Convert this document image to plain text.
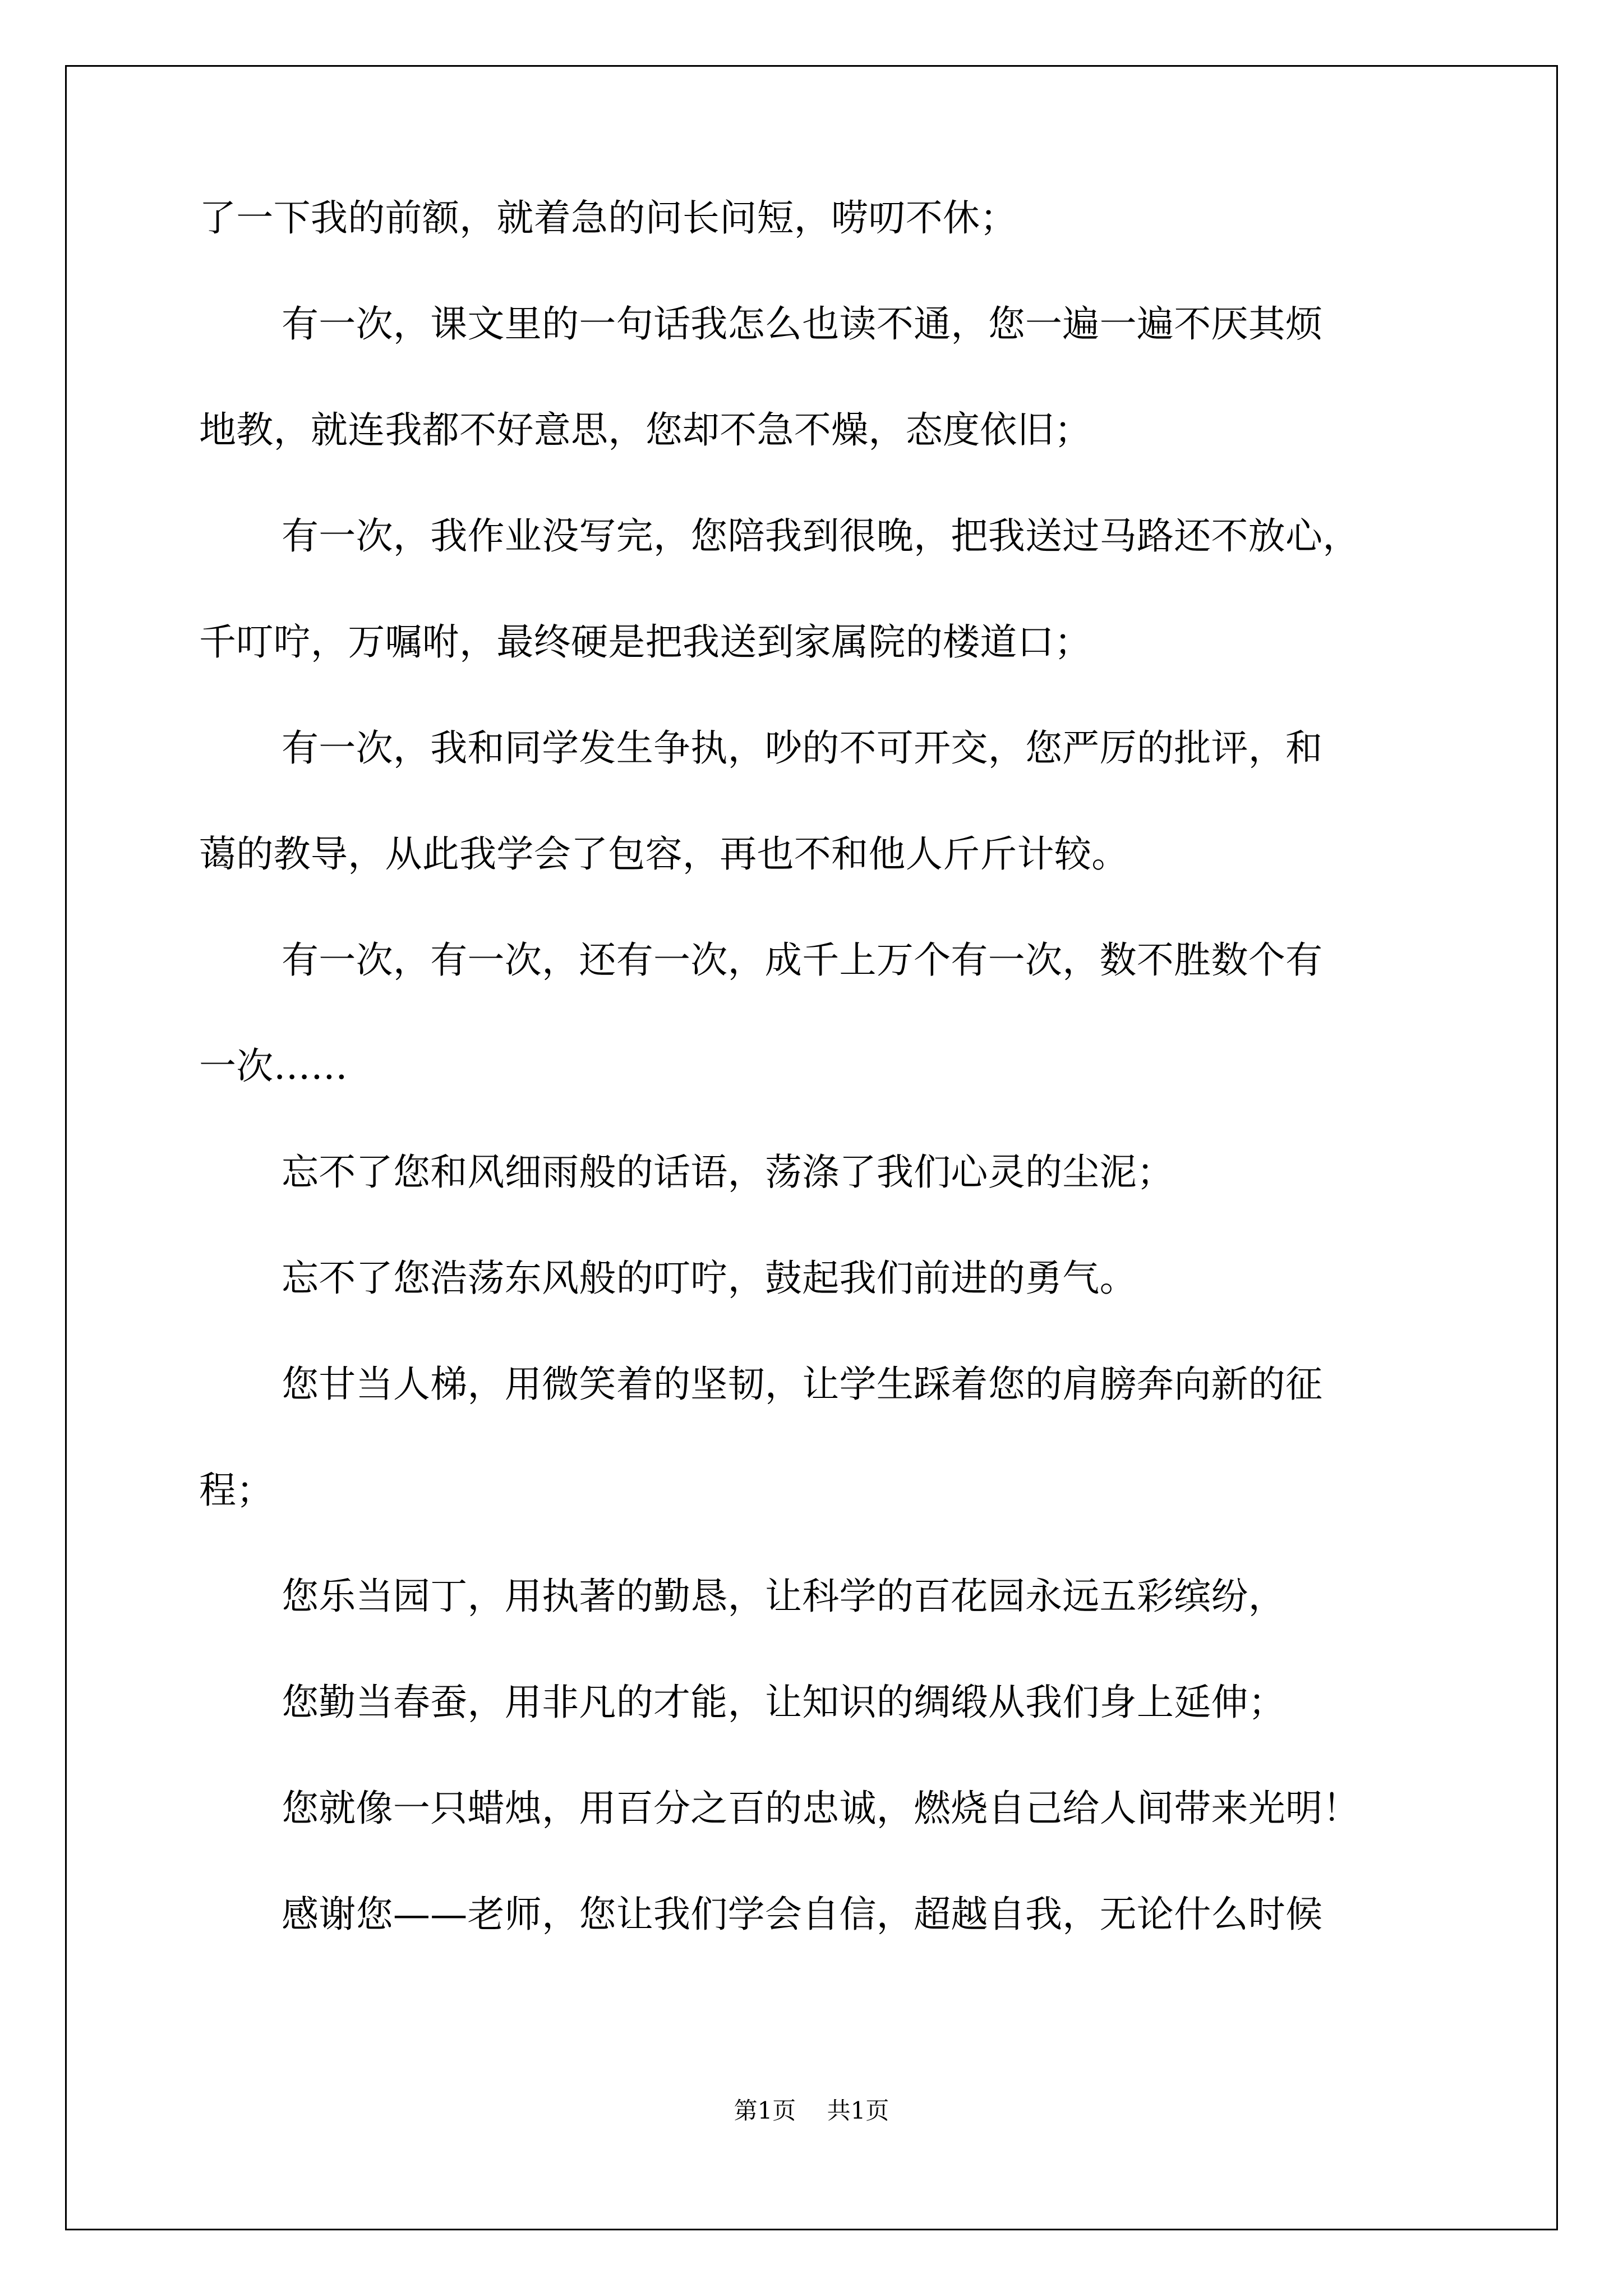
了一下我的前额，就着急的问长问短，唠叨不休；
有一次，课文里的一句话我怎么也读不通，您一遍一遍不厌其烦
地教，就连我都不好意思，您却不急不燥，态度依旧；
有一次，我作业没写完，您陪我到很晚，把我送过马路还不放心，
千叮咛，万嘱咐，最终硬是把我送到家属院的楼道口；
有一次，我和同学发生争执，吵的不可开交，您严厉的批评，和
蔼的教导，从此我学会了包容，再也不和他人斤斤计较。
有一次，有一次，还有一次，成千上万个有一次，数不胜数个有
一次……
忘不了您和风细雨般的话语，荡涤了我们心灵的尘泥；
忘不了您浩荡东风般的叮咛，鼓起我们前进的勇气。
您甘当人梯，用微笑着的坚韧，让学生踩着您的肩膀奔向新的征
程；
您乐当园丁，用执著的勤恳，让科学的百花园永远五彩缤纷，
您勤当春蚕，用非凡的才能，让知识的绸缎从我们身上延伸；
您就像一只蜡烛，用百分之百的忠诚，燃烧自己给人间带来光明！
感谢您——老师，您让我们学会自信，超越自我，无论什么时候
第1页 共1页
